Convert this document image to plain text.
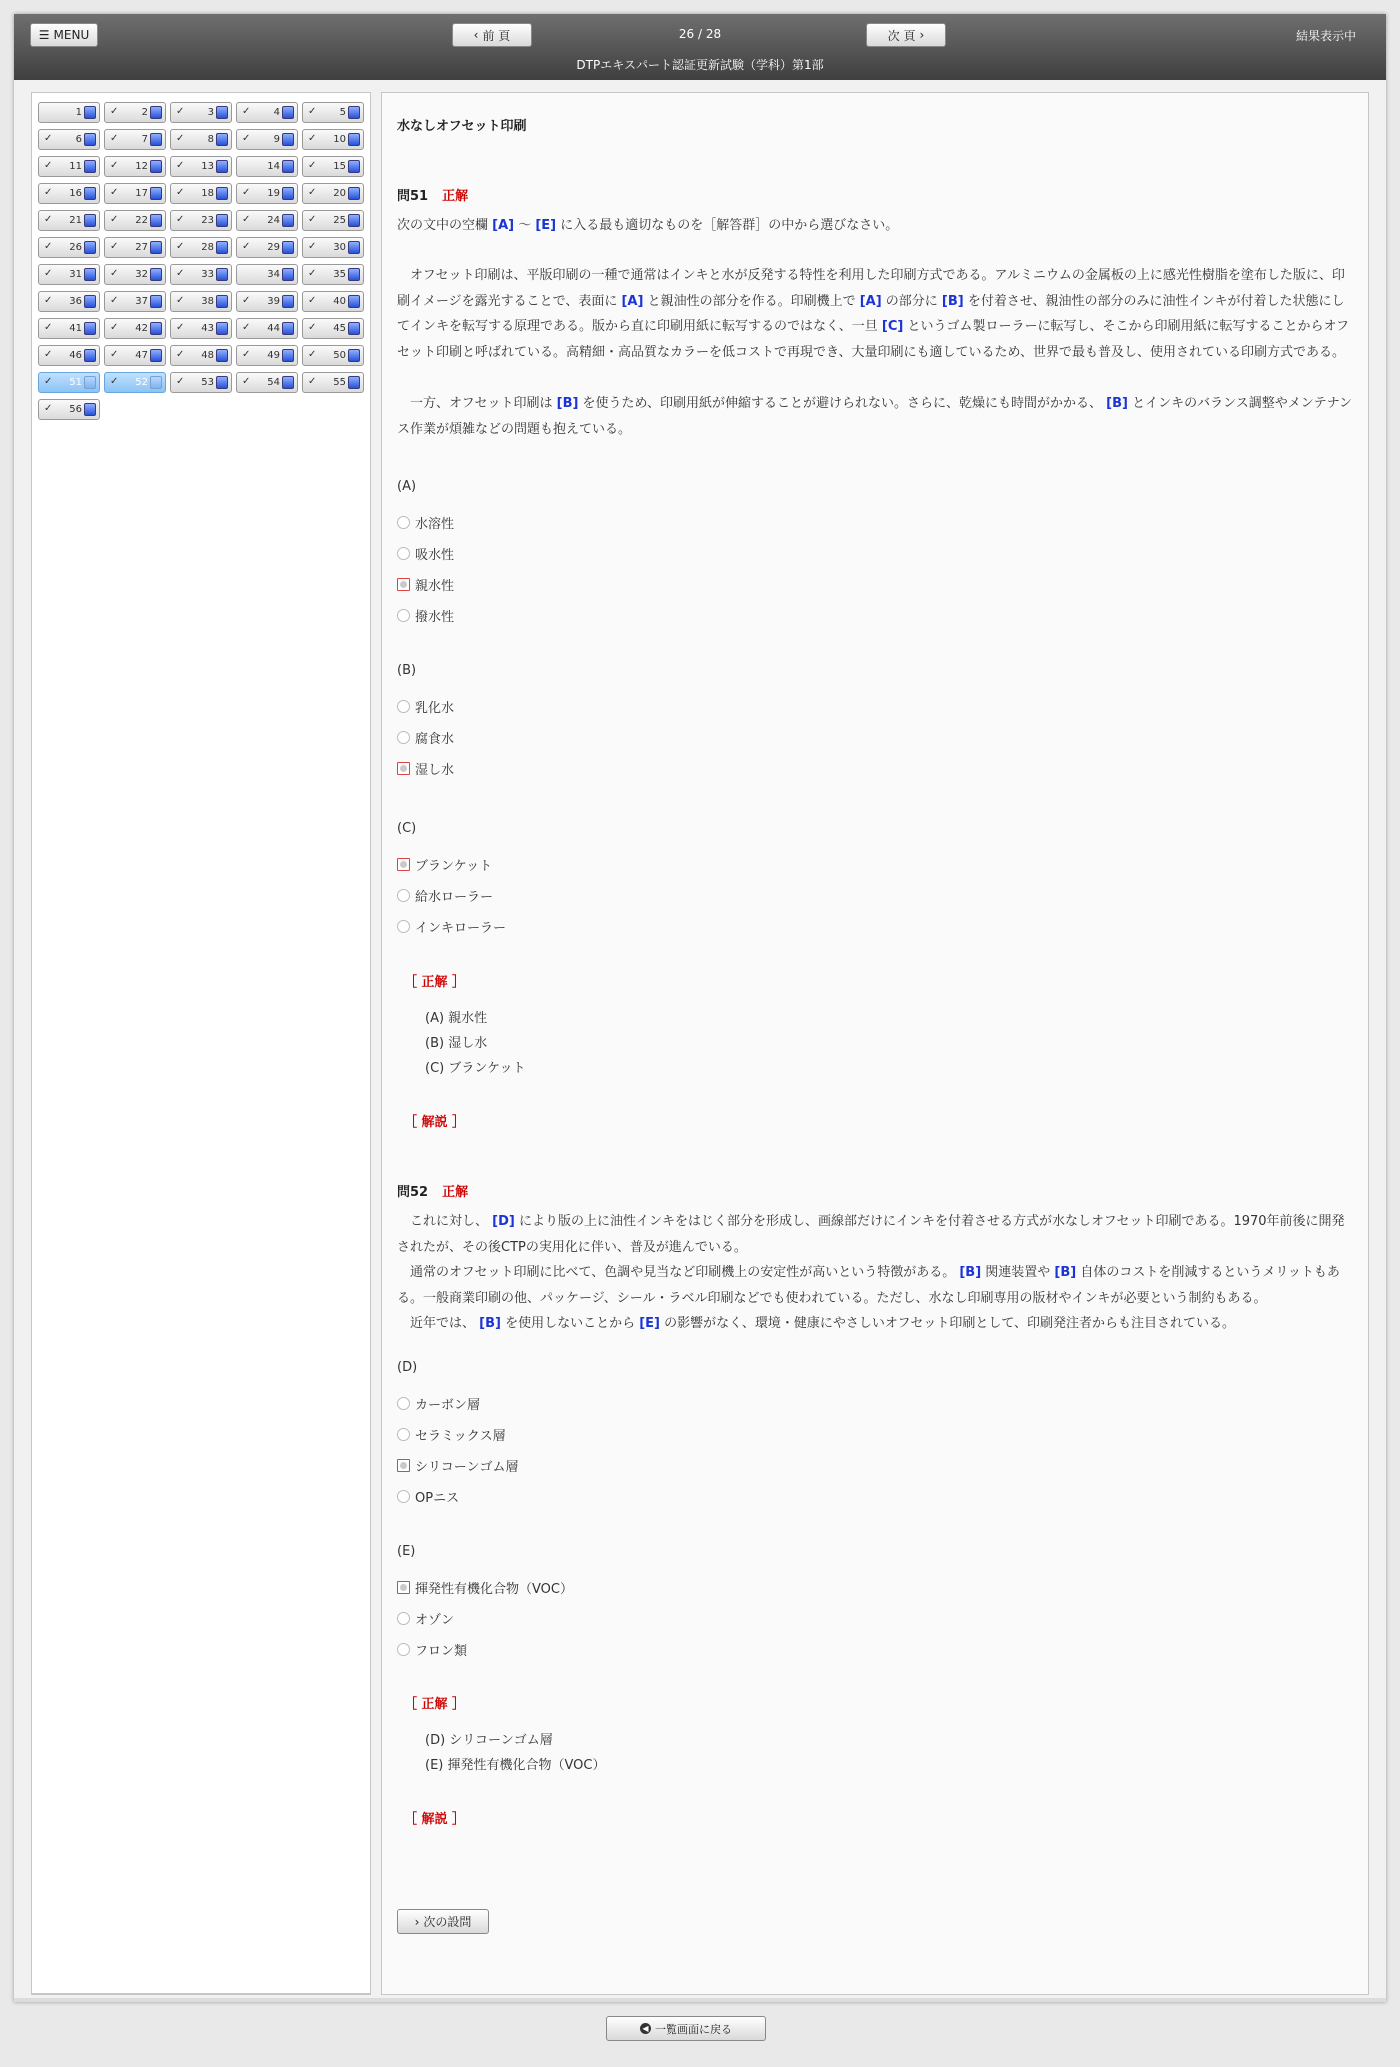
☰ MENU	‹ 前 頁	26 / 28	次 頁 ›	結果表示中
DTPエキスパート認証更新試験（学科）第1部
1	✓ 2	✓ 3	✓ 4	✓ 5
✓ 6	✓ 7	✓ 8	✓ 9	✓ 10
✓ 11	✓ 12	✓ 13	14	✓ 15
✓ 16	✓ 17	✓ 18	✓ 19	✓ 20
✓ 21	✓ 22	✓ 23	✓ 24	✓ 25
✓ 26	✓ 27	✓ 28	✓ 29	✓ 30
✓ 31	✓ 32	✓ 33	34	✓ 35
✓ 36	✓ 37	✓ 38	✓ 39	✓ 40
✓ 41	✓ 42	✓ 43	✓ 44	✓ 45
✓ 46	✓ 47	✓ 48	✓ 49	✓ 50
✓ 51	✓ 52	✓ 53	✓ 54	✓ 55
✓ 56
水なしオフセット印刷
問51 正解
次の文中の空欄 [A] 〜 [E] に入る最も適切なものを［解答群］の中から選びなさい。
　オフセット印刷は、平版印刷の一種で通常はインキと水が反発する特性を利用した印刷方式である。アルミニウムの金属板の上に感光性樹脂を塗布した版に、印刷イメージを露光することで、表面に [A] と親油性の部分を作る。印刷機上で [A] の部分に [B] を付着させ、親油性の部分のみに油性インキが付着した状態にしてインキを転写する原理である。版から直に印刷用紙に転写するのではなく、一旦 [C] というゴム製ローラーに転写し、そこから印刷用紙に転写することからオフセット印刷と呼ばれている。高精細・高品質なカラーを低コストで再現でき、大量印刷にも適しているため、世界で最も普及し、使用されている印刷方式である。
　一方、オフセット印刷は [B] を使うため、印刷用紙が伸縮することが避けられない。さらに、乾燥にも時間がかかる、 [B] とインキのバランス調整やメンテナンス作業が煩雑などの問題も抱えている。
(A)
水溶性
吸水性
親水性
撥水性
(B)
乳化水
腐食水
湿し水
(C)
ブランケット
給水ローラー
インキローラー
［ 正解 ］
(A) 親水性
(B) 湿し水
(C) ブランケット
［ 解説 ］
問52 正解
　これに対し、 [D] により版の上に油性インキをはじく部分を形成し、画線部だけにインキを付着させる方式が水なしオフセット印刷である。1970年前後に開発されたが、その後CTPの実用化に伴い、普及が進んでいる。
　通常のオフセット印刷に比べて、色調や見当など印刷機上の安定性が高いという特徴がある。 [B] 関連装置や [B] 自体のコストを削減するというメリットもある。一般商業印刷の他、パッケージ、シール・ラベル印刷などでも使われている。ただし、水なし印刷専用の版材やインキが必要という制約もある。
　近年では、 [B] を使用しないことから [E] の影響がなく、環境・健康にやさしいオフセット印刷として、印刷発注者からも注目されている。
(D)
カーボン層
セラミックス層
シリコーンゴム層
OPニス
(E)
揮発性有機化合物（VOC）
オゾン
フロン類
［ 正解 ］
(D) シリコーンゴム層
(E) 揮発性有機化合物（VOC）
［ 解説 ］
› 次の設問
◀ 一覧画面に戻る
